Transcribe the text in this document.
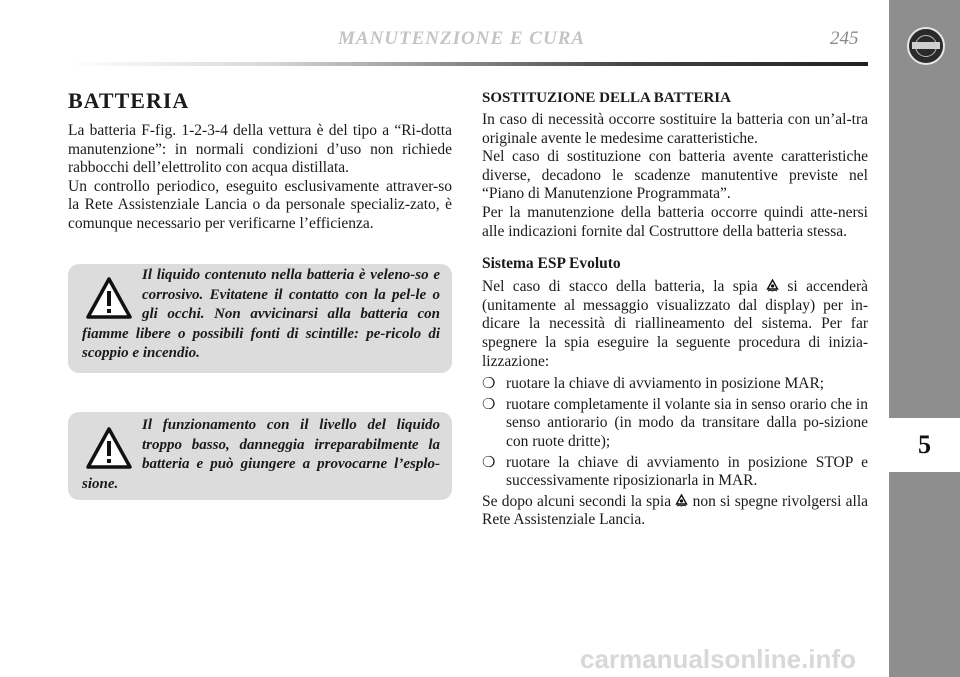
5
MANUTENZIONE E CURA	245
BATTERIA

La batteria F-fig. 1-2-3-4 della vettura è del tipo a “Ri-dotta manutenzione”: in normali condizioni d’uso non richiede rabbocchi dell’elettrolito con acqua distillata.

Un controllo periodico, eseguito esclusivamente attraver-so la Rete Assistenziale Lancia o da personale specializ-zato, è comunque necessario per verificarne l’efficienza.

Il liquido contenuto nella batteria è veleno-so e corrosivo. Evitatene il contatto con la pel-le o gli occhi. Non avvicinarsi alla batteria con fiamme libere o possibili fonti di scintille: pe-ricolo di scoppio e incendio.
Il funzionamento con il livello del liquido troppo basso, danneggia irreparabilmente la batteria e può giungere a provocarne l’esplo-sione.
SOSTITUZIONE DELLA BATTERIA

In caso di necessità occorre sostituire la batteria con un’al-tra originale avente le medesime caratteristiche.

Nel caso di sostituzione con batteria avente caratteristiche diverse, decadono le scadenze manutentive previste nel “Piano di Manutenzione Programmata”.

Per la manutenzione della batteria occorre quindi atte-nersi alle indicazioni fornite dal Costruttore della batteria stessa.

Sistema ESP Evoluto

Nel caso di stacco della batteria, la spia si accenderà (unitamente al messaggio visualizzato dal display) per in-dicare la necessità di riallineamento del sistema. Per far spegnere la spia eseguire la seguente procedura di inizia-lizzazione:

❍ ruotare la chiave di avviamento in posizione MAR;
❍ ruotare completamente il volante sia in senso orario che in senso antiorario (in modo da transitare dalla po-sizione con ruote dritte);
❍ ruotare la chiave di avviamento in posizione STOP e successivamente riposizionarla in MAR.

Se dopo alcuni secondi la spia non si spegne rivolgersi alla Rete Assistenziale Lancia.

carmanualsonline.info
